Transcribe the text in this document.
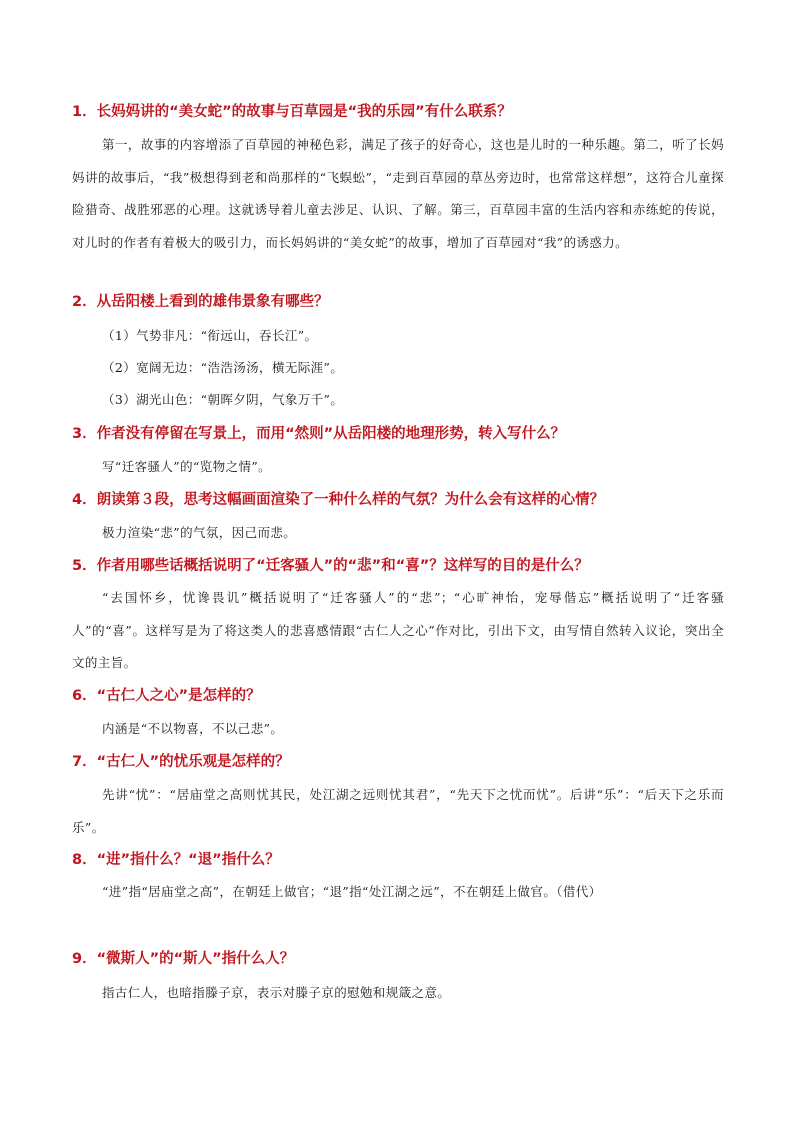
1．长妈妈讲的“美女蛇”的故事与百草园是“我的乐园”有什么联系？
第一，故事的内容增添了百草园的神秘色彩，满足了孩子的好奇心，这也是儿时的一种乐趣。第二，听了长妈妈讲的故事后，“我”极想得到老和尚那样的“飞蜈蚣”，“走到百草园的草丛旁边时，也常常这样想”，这符合儿童探险猎奇、战胜邪恶的心理。这就诱导着儿童去涉足、认识、了解。第三，百草园丰富的生活内容和赤练蛇的传说，对儿时的作者有着极大的吸引力，而长妈妈讲的“美女蛇”的故事，增加了百草园对“我”的诱惑力。
2．从岳阳楼上看到的雄伟景象有哪些？
（1）气势非凡：“衔远山，吞长江”。
（2）宽阔无边：“浩浩汤汤，横无际涯”。
（3）湖光山色：“朝晖夕阴，气象万千”。
3．作者没有停留在写景上，而用“然则”从岳阳楼的地理形势，转入写什么？
写“迁客骚人”的“览物之情”。
4．朗读第３段，思考这幅画面渲染了一种什么样的气氛？为什么会有这样的心情？
极力渲染“悲”的气氛，因己而悲。
5．作者用哪些话概括说明了“迁客骚人”的“悲”和“喜”？这样写的目的是什么？
“去国怀乡，忧谗畏讥”概括说明了“迁客骚人”的“悲”；“心旷神怡，宠辱偕忘”概括说明了“迁客骚人”的“喜”。这样写是为了将这类人的悲喜感情跟“古仁人之心”作对比，引出下文，由写情自然转入议论，突出全文的主旨。
6．“古仁人之心”是怎样的？
内涵是“不以物喜，不以己悲”。
7．“古仁人”的忧乐观是怎样的？
先讲“忧”：“居庙堂之高则忧其民，处江湖之远则忧其君”，“先天下之忧而忧”。后讲“乐”：“后天下之乐而乐”。
8．“进”指什么？“退”指什么？
“进”指“居庙堂之高”，在朝廷上做官；“退”指“处江湖之远”，不在朝廷上做官。（借代）
9．“微斯人”的“斯人”指什么人？
指古仁人，也暗指滕子京，表示对滕子京的慰勉和规箴之意。
